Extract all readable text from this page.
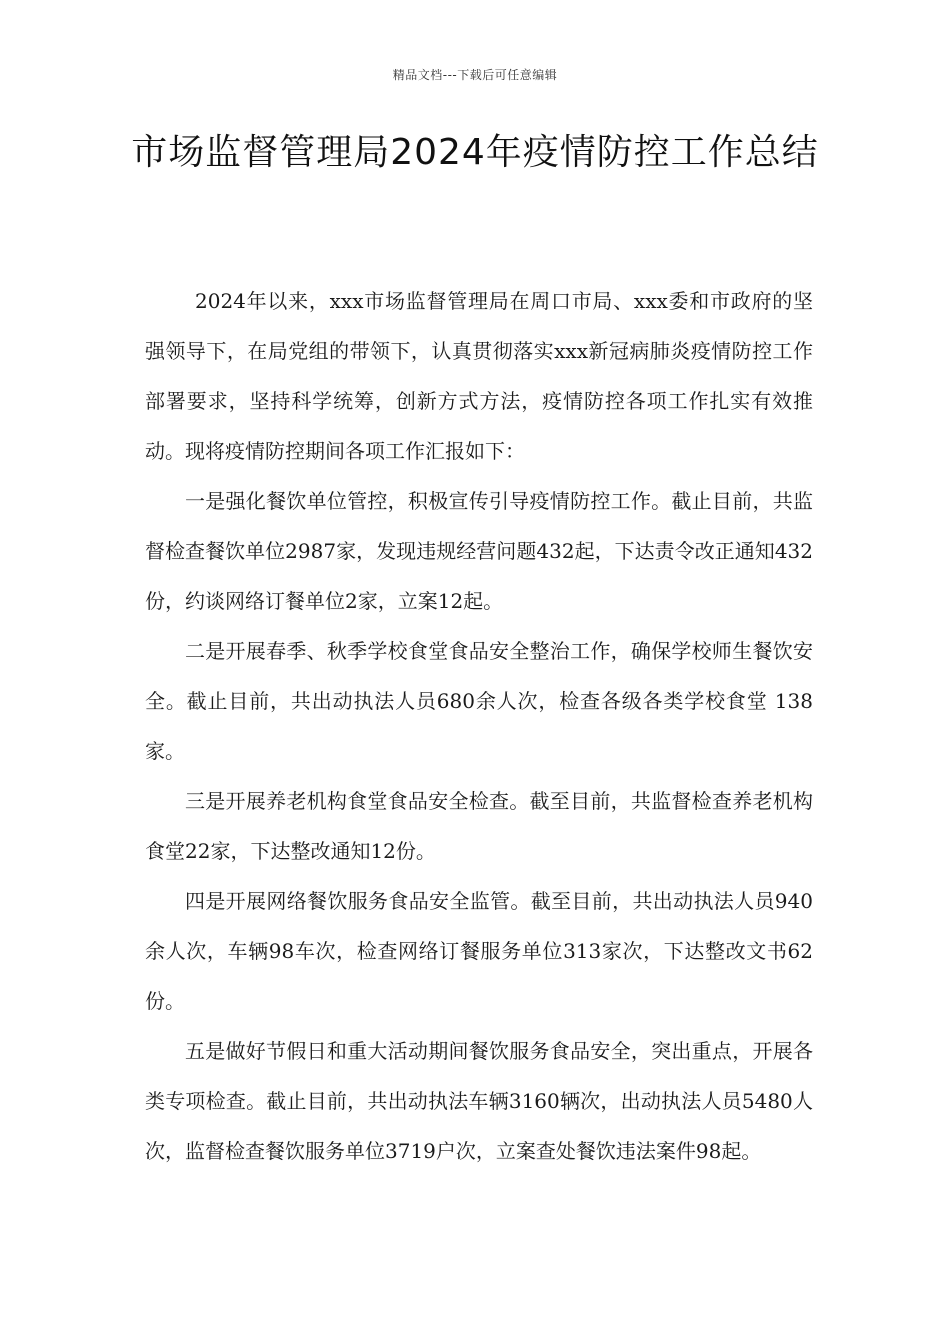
精品文档---下载后可任意编辑
市场监督管理局2024年疫情防控工作总结

2024年以来，xxx市场监督管理局在周口市局、xxx委和市政府的坚强领导下，在局党组的带领下，认真贯彻落实xxx新冠病肺炎疫情防控工作部署要求，坚持科学统筹，创新方式方法，疫情防控各项工作扎实有效推动。现将疫情防控期间各项工作汇报如下：

一是强化餐饮单位管控，积极宣传引导疫情防控工作。截止目前，共监督检查餐饮单位2987家，发现违规经营问题432起，下达责令改正通知432份，约谈网络订餐单位2家，立案12起。

二是开展春季、秋季学校食堂食品安全整治工作，确保学校师生餐饮安全。截止目前，共出动执法人员680余人次，检查各级各类学校食堂 138家。

三是开展养老机构食堂食品安全检查。截至目前，共监督检查养老机构食堂22家，下达整改通知12份。

四是开展网络餐饮服务食品安全监管。截至目前，共出动执法人员940余人次，车辆98车次，检查网络订餐服务单位313家次，下达整改文书62份。

五是做好节假日和重大活动期间餐饮服务食品安全，突出重点，开展各类专项检查。截止目前，共出动执法车辆3160辆次，出动执法人员5480人次，监督检查餐饮服务单位3719户次，立案查处餐饮违法案件98起。
